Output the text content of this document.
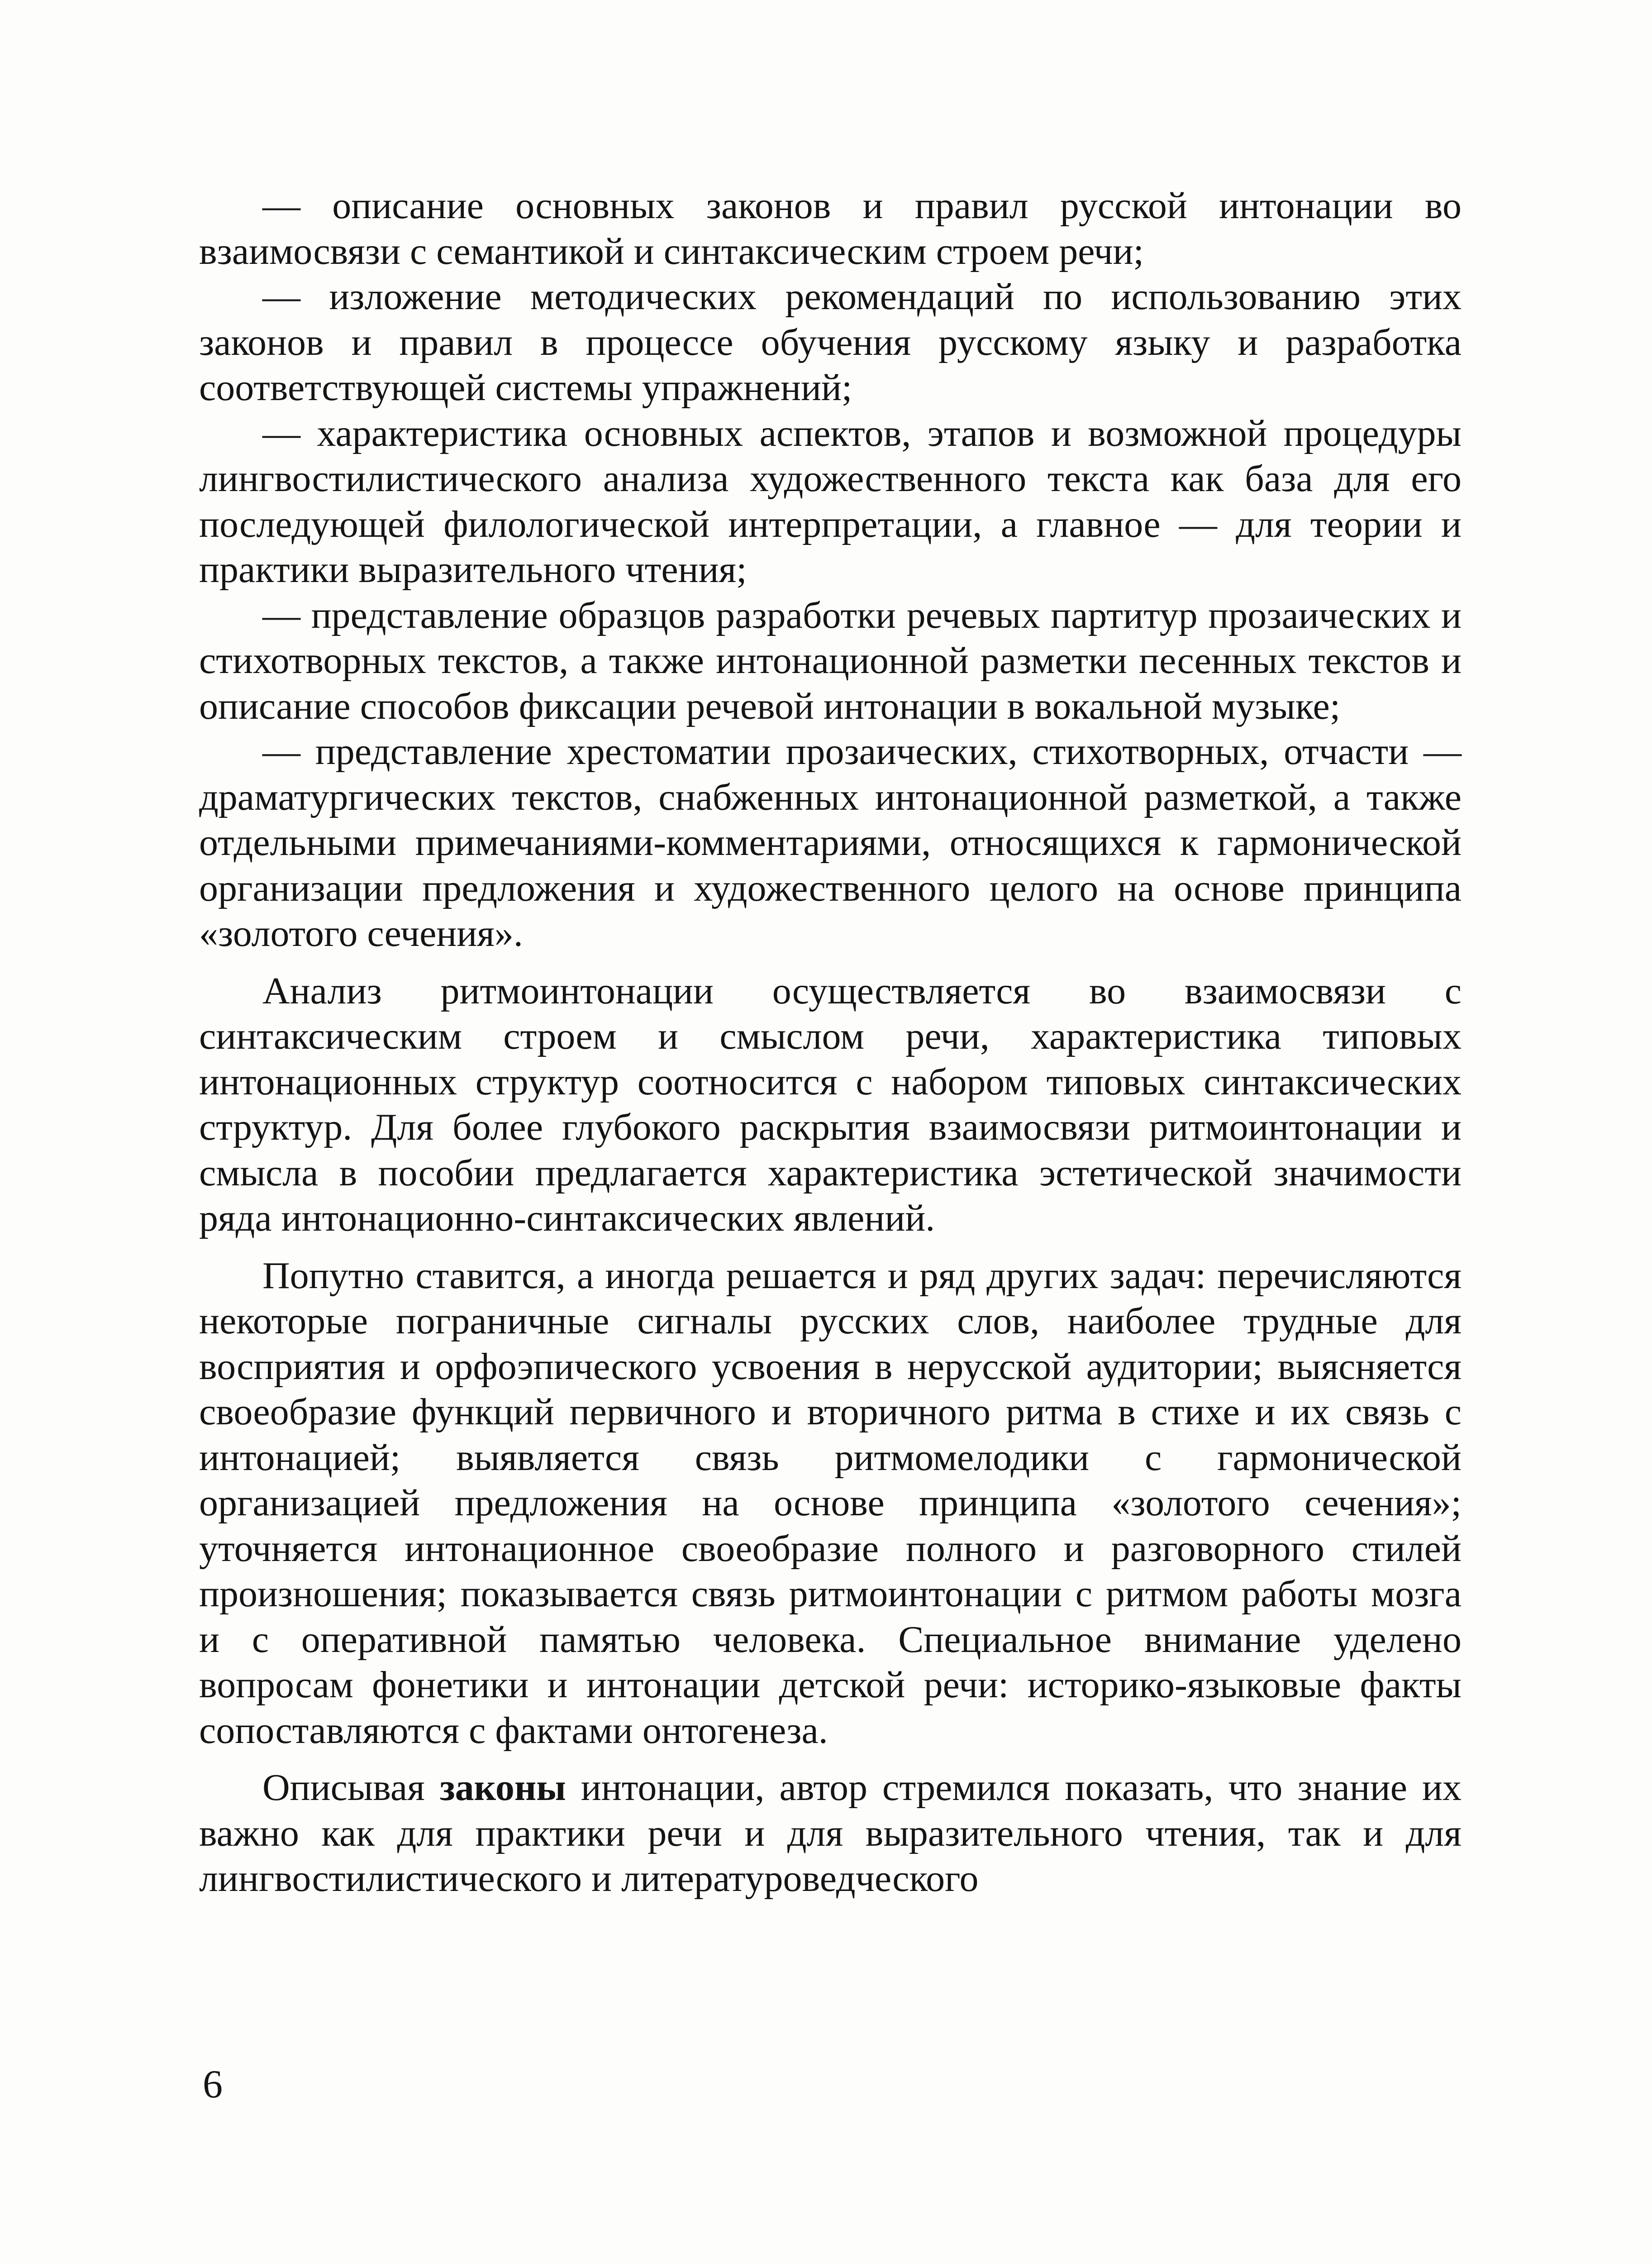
— описание основных законов и правил русской интонации во взаимосвязи с семантикой и синтаксическим строем речи;

— изложение методических рекомендаций по использованию этих законов и правил в процессе обучения русскому языку и разработка соответствующей системы упражнений;

— характеристика основных аспектов, этапов и возможной процедуры лингвостилистического анализа художественного текста как база для его последующей филологической интерпретации, а главное — для теории и практики выразительного чтения;

— представление образцов разработки речевых партитур прозаических и стихотворных текстов, а также интонационной разметки песенных текстов и описание способов фиксации речевой интонации в вокальной музыке;

— представление хрестоматии прозаических, стихотворных, отчасти — драматургических текстов, снабженных интонационной разметкой, а также отдельными примечаниями-комментариями, относящихся к гармонической организации предложения и художественного целого на основе принципа «золотого сечения».

Анализ ритмоинтонации осуществляется во взаимосвязи с синтаксическим строем и смыслом речи, характеристика типовых интонационных структур соотносится с набором типовых синтаксических структур. Для более глубокого раскрытия взаимосвязи ритмоинтонации и смысла в пособии предлагается характеристика эстетической значимости ряда интонационно-синтаксических явлений.

Попутно ставится, а иногда решается и ряд других задач: перечисляются некоторые пограничные сигналы русских слов, наиболее трудные для восприятия и орфоэпического усвоения в нерусской аудитории; выясняется своеобразие функций первичного и вторичного ритма в стихе и их связь с интонацией; выявляется связь ритмомелодики с гармонической организацией предложения на основе принципа «золотого сечения»; уточняется интонационное своеобразие полного и разговорного стилей произношения; показывается связь ритмоинтонации с ритмом работы мозга и с оперативной памятью человека. Специальное внимание уделено вопросам фонетики и интонации детской речи: историко-языковые факты сопоставляются с фактами онтогенеза.

Описывая законы интонации, автор стремился показать, что знание их важно как для практики речи и для выразительного чтения, так и для лингвостилистического и литературоведческого

6
